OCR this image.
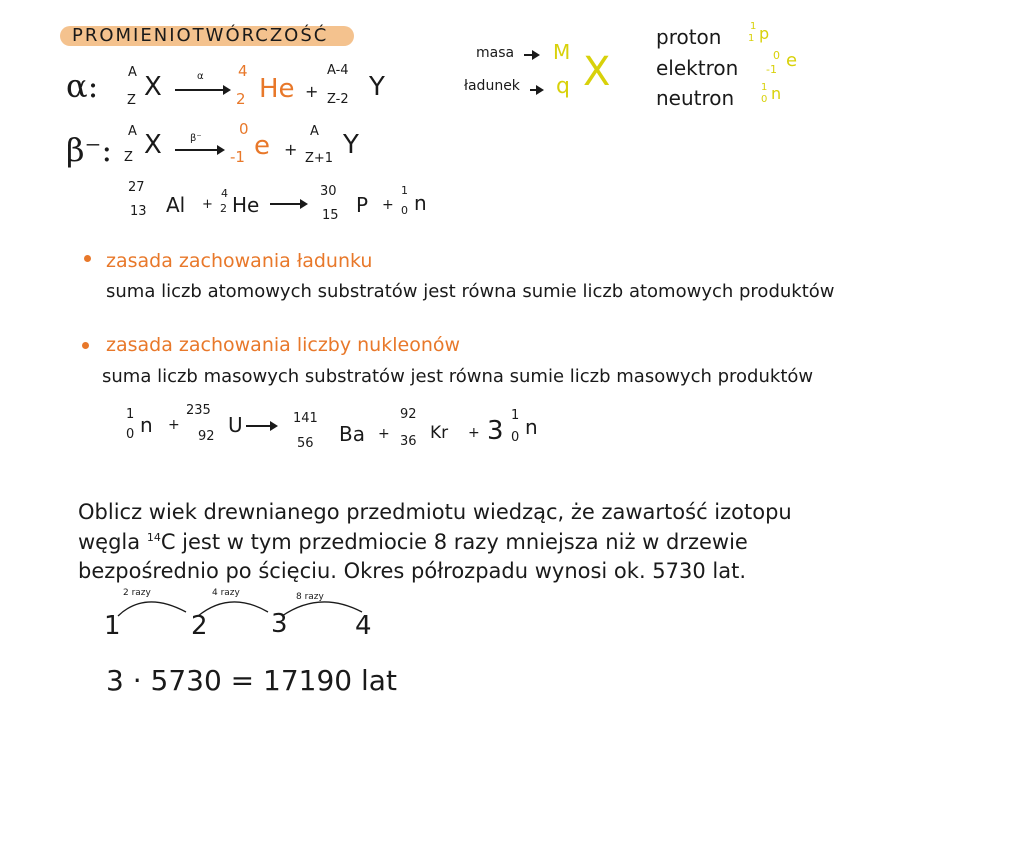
PROMIENIOTWÓRCZOŚĆ
α: A
Z X	α 4
2 He +
A-4
Z-2 Y
β⁻: A
Z X	β⁻
0
-1 e +
A
Z+1 Y
27
13 Al +
4
2 He
30
15 P +
1
0 n
masa M
ładunek q X
proton	1
1 p
elektron
0
-1 e
neutron	1
0 n
zasada zachowania ładunku
suma liczb atomowych substratów jest równa sumie liczb atomowych produktów
zasada zachowania liczby nukleonów
suma liczb masowych substratów jest równa sumie liczb masowych produktów
1
0 n +
235
92 U	141
56 Ba +
92
36 Kr + 3
1
0 n
Oblicz wiek drewnianego przedmiotu wiedząc, że zawartość izotopu
węgla $^{14}$C jest w tym przedmiocie 8 razy mniejsza niż w drzewie
bezpośrednio po ścięciu. Okres półrozpadu wynosi ok. 5730 lat.
2 razy	4 razy	8 razy
1	2 3	4
3 · 5730 = 17190 lat
